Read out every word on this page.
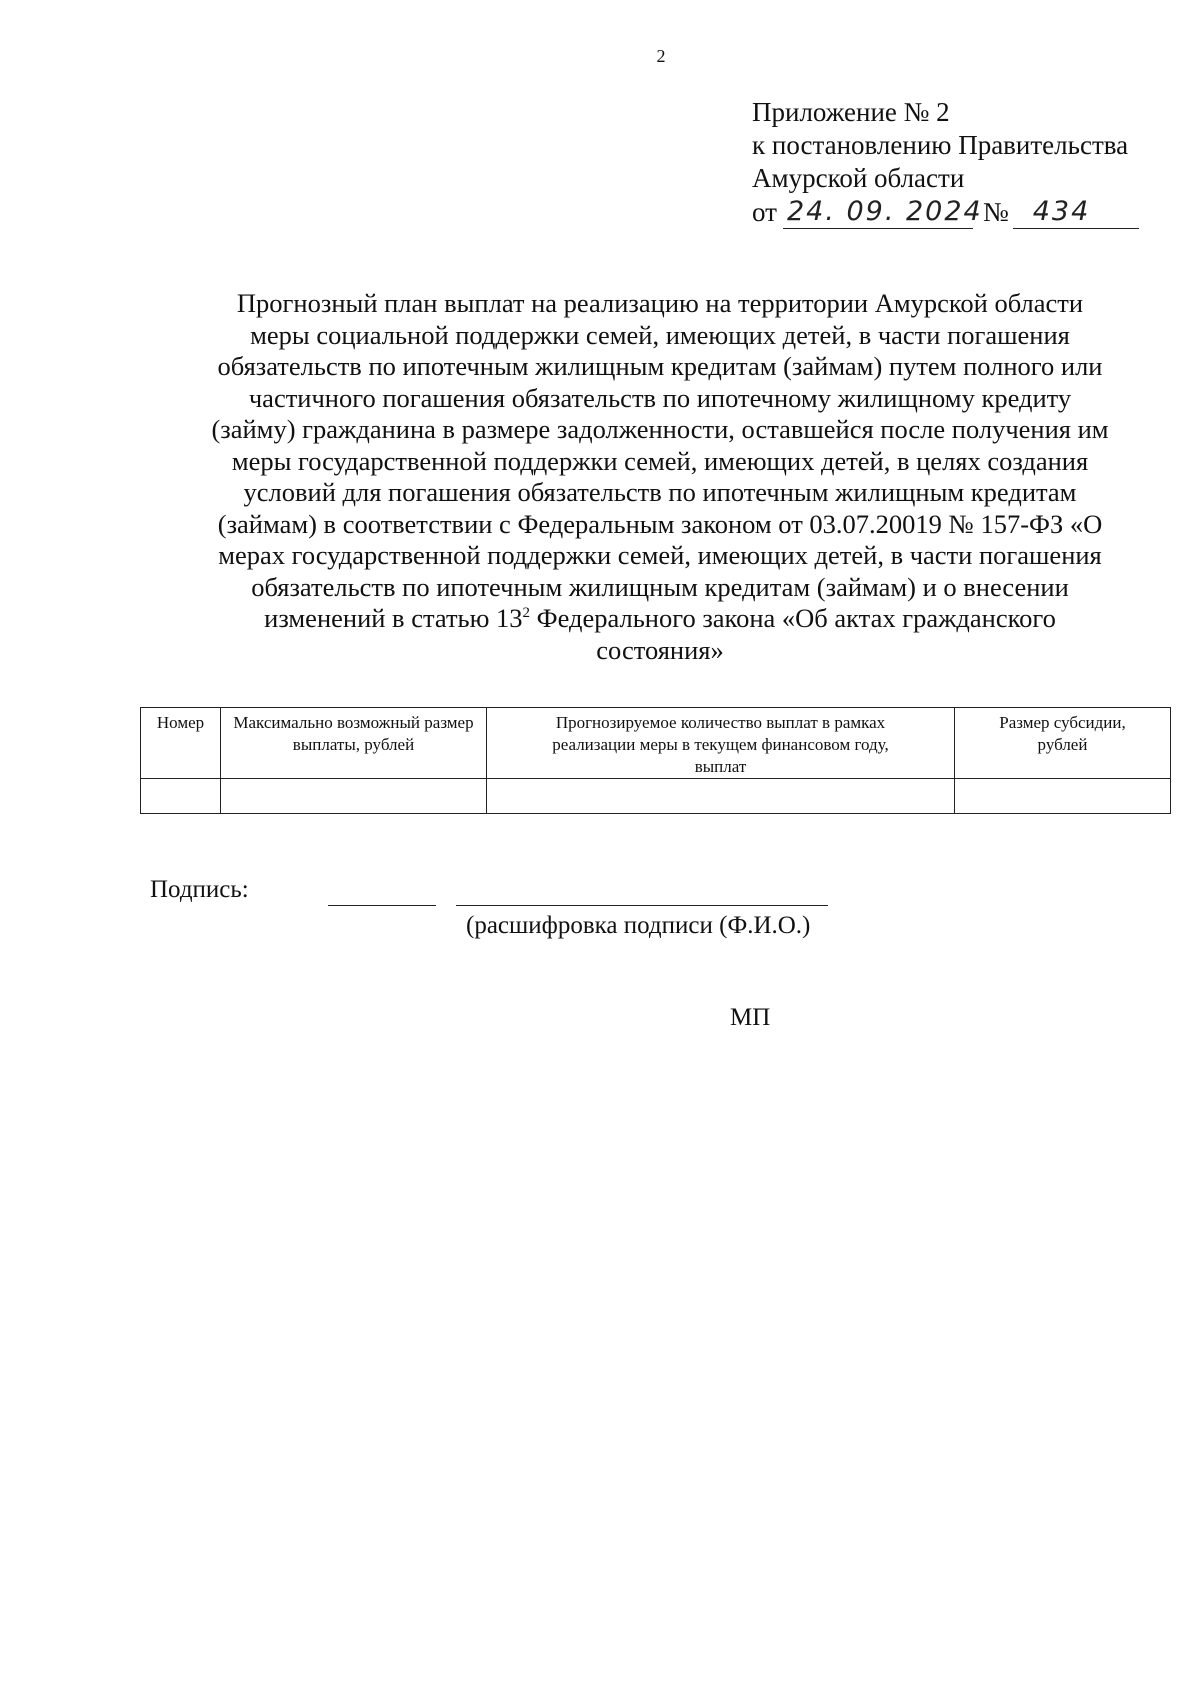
2
Приложение № 2
к постановлению Правительства
Амурской области
от 24. 09. 2024 № 434
Прогнозный план выплат на реализацию на территории Амурской области
меры социальной поддержки семей, имеющих детей, в части погашения
обязательств по ипотечным жилищным кредитам (займам) путем полного или
частичного погашения обязательств по ипотечному жилищному кредиту
(займу) гражданина в размере задолженности, оставшейся после получения им
меры государственной поддержки семей, имеющих детей, в целях создания
условий для погашения обязательств по ипотечным жилищным кредитам
(займам) в соответствии с Федеральным законом от 03.07.20019 № 157-ФЗ «О
мерах государственной поддержки семей, имеющих детей, в части погашения
обязательств по ипотечным жилищным кредитам (займам) и о внесении
изменений в статью $13^2$ Федерального закона «Об актах гражданского
состояния»
Номер	Максимально возможный размер выплаты, рублей	Прогнозируемое количество выплат в рамках реализации меры в текущем финансовом году, выплат	Размер субсидии, рублей

Подпись:
(расшифровка подписи (Ф.И.О.)
МП
